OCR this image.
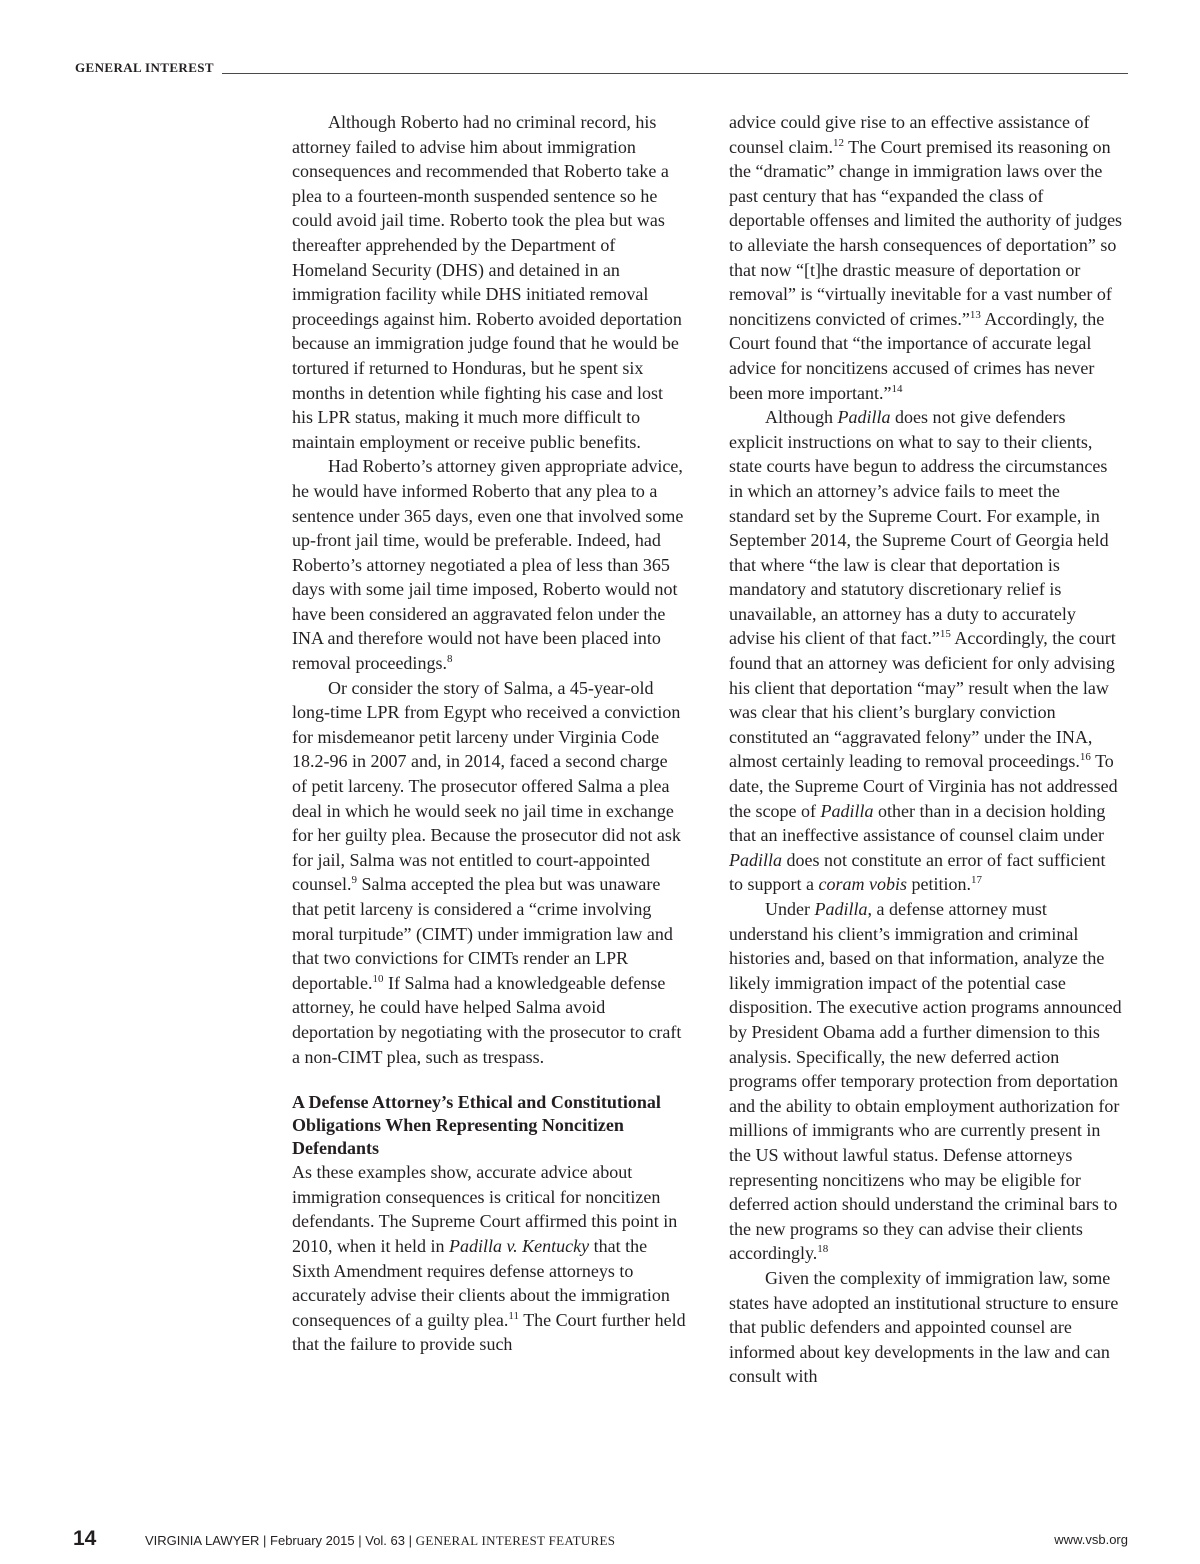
GENERAL INTEREST

Although Roberto had no criminal record, his attorney failed to advise him about immigration consequences and recommended that Roberto take a plea to a fourteen-month suspended sentence so he could avoid jail time. Roberto took the plea but was thereafter apprehended by the Department of Homeland Security (DHS) and detained in an immigration facility while DHS initiated removal proceedings against him. Roberto avoided deportation because an immigration judge found that he would be tortured if returned to Honduras, but he spent six months in detention while fighting his case and lost his LPR status, making it much more difficult to maintain employment or receive public benefits.

Had Roberto’s attorney given appropriate advice, he would have informed Roberto that any plea to a sentence under 365 days, even one that involved some up-front jail time, would be preferable. Indeed, had Roberto’s attorney negotiated a plea of less than 365 days with some jail time imposed, Roberto would not have been considered an aggravated felon under the INA and therefore would not have been placed into removal proceedings.$^8$

Or consider the story of Salma, a 45-year-old long-time LPR from Egypt who received a conviction for misdemeanor petit larceny under Virginia Code 18.2-96 in 2007 and, in 2014, faced a second charge of petit larceny. The prosecutor offered Salma a plea deal in which he would seek no jail time in exchange for her guilty plea. Because the prosecutor did not ask for jail, Salma was not entitled to court-appointed counsel.$^9$ Salma accepted the plea but was unaware that petit larceny is considered a “crime involving moral turpitude” (CIMT) under immigration law and that two convictions for CIMTs render an LPR deportable.$^{10}$ If Salma had a knowledgeable defense attorney, he could have helped Salma avoid deportation by negotiating with the prosecutor to craft a non-CIMT plea, such as trespass.

A Defense Attorney’s Ethical and Constitutional Obligations When Representing Noncitizen Defendants

As these examples show, accurate advice about immigration consequences is critical for noncitizen defendants. The Supreme Court affirmed this point in 2010, when it held in Padilla v. Kentucky that the Sixth Amendment requires defense attorneys to accurately advise their clients about the immigration consequences of a guilty plea.$^{11}$ The Court further held that the failure to provide such

advice could give rise to an effective assistance of counsel claim.$^{12}$ The Court premised its reasoning on the “dramatic” change in immigration laws over the past century that has “expanded the class of deportable offenses and limited the authority of judges to alleviate the harsh consequences of deportation” so that now “[t]he drastic measure of deportation or removal” is “virtually inevitable for a vast number of noncitizens convicted of crimes.”$^{13}$ Accordingly, the Court found that “the importance of accurate legal advice for noncitizens accused of crimes has never been more important.”$^{14}$

Although Padilla does not give defenders explicit instructions on what to say to their clients, state courts have begun to address the circumstances in which an attorney’s advice fails to meet the standard set by the Supreme Court. For example, in September 2014, the Supreme Court of Georgia held that where “the law is clear that deportation is mandatory and statutory discretionary relief is unavailable, an attorney has a duty to accurately advise his client of that fact.”$^{15}$ Accordingly, the court found that an attorney was deficient for only advising his client that deportation “may” result when the law was clear that his client’s burglary conviction constituted an “aggravated felony” under the INA, almost certainly leading to removal proceedings.$^{16}$ To date, the Supreme Court of Virginia has not addressed the scope of Padilla other than in a decision holding that an ineffective assistance of counsel claim under Padilla does not constitute an error of fact sufficient to support a coram vobis petition.$^{17}$

Under Padilla, a defense attorney must understand his client’s immigration and criminal histories and, based on that information, analyze the likely immigration impact of the potential case disposition. The executive action programs announced by President Obama add a further dimension to this analysis. Specifically, the new deferred action programs offer temporary protection from deportation and the ability to obtain employment authorization for millions of immigrants who are currently present in the US without lawful status. Defense attorneys representing noncitizens who may be eligible for deferred action should understand the criminal bars to the new programs so they can advise their clients accordingly.$^{18}$

Given the complexity of immigration law, some states have adopted an institutional structure to ensure that public defenders and appointed counsel are informed about key developments in the law and can consult with

14	VIRGINIA LAWYER | February 2015 | Vol. 63 | GENERAL INTEREST FEATURES	www.vsb.org
